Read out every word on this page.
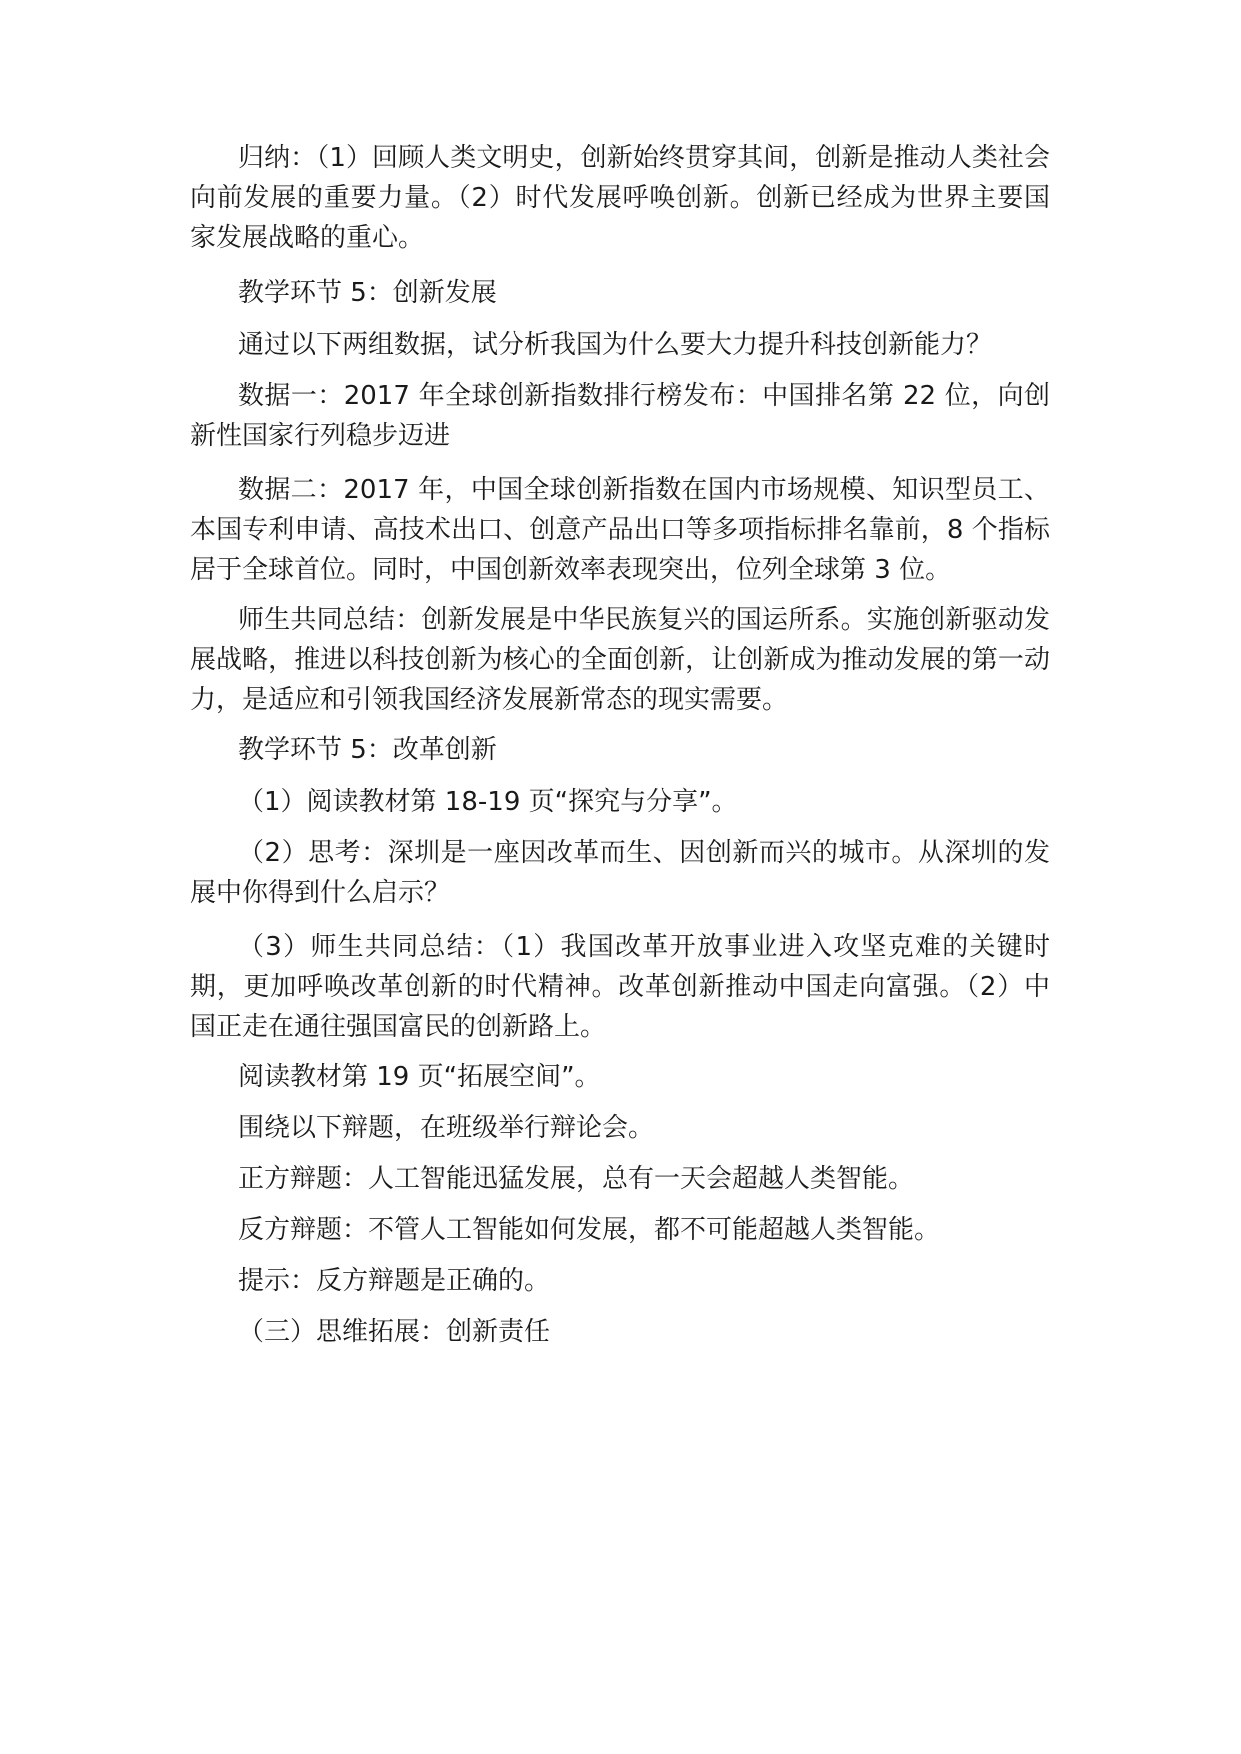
归纳：（1）回顾人类文明史，创新始终贯穿其间，创新是推动人类社会向前发展的重要力量。（2）时代发展呼唤创新。创新已经成为世界主要国家发展战略的重心。

教学环节 5：创新发展

通过以下两组数据，试分析我国为什么要大力提升科技创新能力？

数据一：2017 年全球创新指数排行榜发布：中国排名第 22 位，向创新性国家行列稳步迈进

数据二：2017 年，中国全球创新指数在国内市场规模、知识型员工、本国专利申请、高技术出口、创意产品出口等多项指标排名靠前，8 个指标居于全球首位。同时，中国创新效率表现突出，位列全球第 3 位。

师生共同总结：创新发展是中华民族复兴的国运所系。实施创新驱动发展战略，推进以科技创新为核心的全面创新，让创新成为推动发展的第一动力，是适应和引领我国经济发展新常态的现实需要。

教学环节 5：改革创新

（1）阅读教材第 18-19 页“探究与分享”。

（2）思考：深圳是一座因改革而生、因创新而兴的城市。从深圳的发展中你得到什么启示？

（3）师生共同总结：（1）我国改革开放事业进入攻坚克难的关键时期，更加呼唤改革创新的时代精神。改革创新推动中国走向富强。（2）中国正走在通往强国富民的创新路上。

阅读教材第 19 页“拓展空间”。

围绕以下辩题，在班级举行辩论会。

正方辩题：人工智能迅猛发展，总有一天会超越人类智能。

反方辩题：不管人工智能如何发展，都不可能超越人类智能。

提示：反方辩题是正确的。

（三）思维拓展：创新责任
